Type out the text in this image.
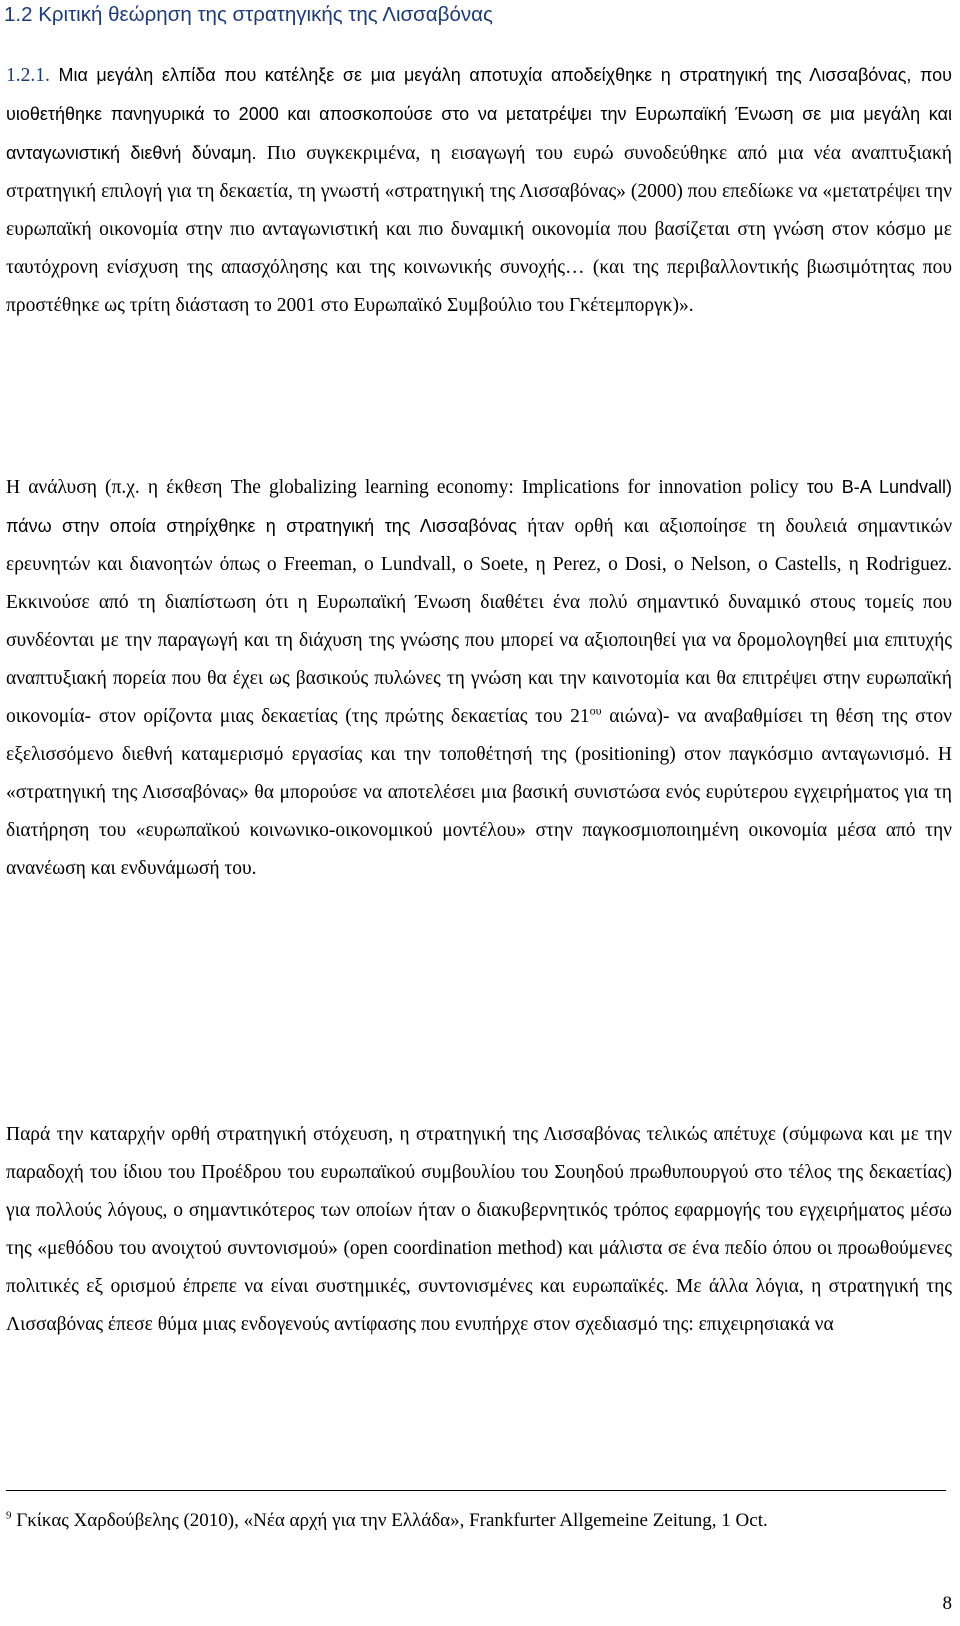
1.2 Κριτική θεώρηση της στρατηγικής της Λισσαβόνας

1.2.1. Μια μεγάλη ελπίδα που κατέληξε σε μια μεγάλη αποτυχία αποδείχθηκε η στρατηγική της Λισσαβόνας, που υιοθετήθηκε πανηγυρικά το 2000 και αποσκοπούσε στο να μετατρέψει την Ευρωπαϊκή Ένωση σε μια μεγάλη και ανταγωνιστική διεθνή δύναμη. Πιο συγκεκριμένα, η εισαγωγή του ευρώ συνοδεύθηκε από μια νέα αναπτυξιακή στρατηγική επιλογή για τη δεκαετία, τη γνωστή «στρατηγική της Λισσαβόνας» (2000) που επεδίωκε να «μετατρέψει την ευρωπαϊκή οικονομία στην πιο ανταγωνιστική και πιο δυναμική οικονομία που βασίζεται στη γνώση στον κόσμο με ταυτόχρονη ενίσχυση της απασχόλησης και της κοινωνικής συνοχής… (και της περιβαλλοντικής βιωσιμότητας που προστέθηκε ως τρίτη διάσταση το 2001 στο Ευρωπαϊκό Συμβούλιο του Γκέτεμποργκ)».

Η ανάλυση (π.χ. η έκθεση The globalizing learning economy: Implications for innovation policy του B-A Lundvall) πάνω στην οποία στηρίχθηκε η στρατηγική της Λισσαβόνας ήταν ορθή και αξιοποίησε τη δουλειά σημαντικών ερευνητών και διανοητών όπως ο Freeman, ο Lundvall, ο Soete, η Perez, ο Dosi, ο Nelson, ο Castells, η Rodriguez. Εκκινούσε από τη διαπίστωση ότι η Ευρωπαϊκή Ένωση διαθέτει ένα πολύ σημαντικό δυναμικό στους τομείς που συνδέονται με την παραγωγή και τη διάχυση της γνώσης που μπορεί να αξιοποιηθεί για να δρομολογηθεί μια επιτυχής αναπτυξιακή πορεία που θα έχει ως βασικούς πυλώνες τη γνώση και την καινοτομία και θα επιτρέψει στην ευρωπαϊκή οικονομία- στον ορίζοντα μιας δεκαετίας (της πρώτης δεκαετίας του $21^{o\upsilon}$ αιώνα)- να αναβαθμίσει τη θέση της στον εξελισσόμενο διεθνή καταμερισμό εργασίας και την τοποθέτησή της (positioning) στον παγκόσμιο ανταγωνισμό. Η «στρατηγική της Λισσαβόνας» θα μπορούσε να αποτελέσει μια βασική συνιστώσα ενός ευρύτερου εγχειρήματος για τη διατήρηση του «ευρωπαϊκού κοινωνικο-οικονομικού μοντέλου» στην παγκοσμιοποιημένη οικονομία μέσα από την ανανέωση και ενδυνάμωσή του.

Παρά την καταρχήν ορθή στρατηγική στόχευση, η στρατηγική της Λισσαβόνας τελικώς απέτυχε (σύμφωνα και με την παραδοχή του ίδιου του Προέδρου του ευρωπαϊκού συμβουλίου του Σουηδού πρωθυπουργού στο τέλος της δεκαετίας) για πολλούς λόγους, ο σημαντικότερος των οποίων ήταν ο διακυβερνητικός τρόπος εφαρμογής του εγχειρήματος μέσω της «μεθόδου του ανοιχτού συντονισμού» (open coordination method) και μάλιστα σε ένα πεδίο όπου οι προωθούμενες πολιτικές εξ ορισμού έπρεπε να είναι συστημικές, συντονισμένες και ευρωπαϊκές. Με άλλα λόγια, η στρατηγική της Λισσαβόνας έπεσε θύμα μιας ενδογενούς αντίφασης που ενυπήρχε στον σχεδιασμό της: επιχειρησιακά να

$^9$ Γκίκας Χαρδούβελης (2010), «Νέα αρχή για την Ελλάδα», Frankfurter Allgemeine Zeitung, 1 Oct.

8
